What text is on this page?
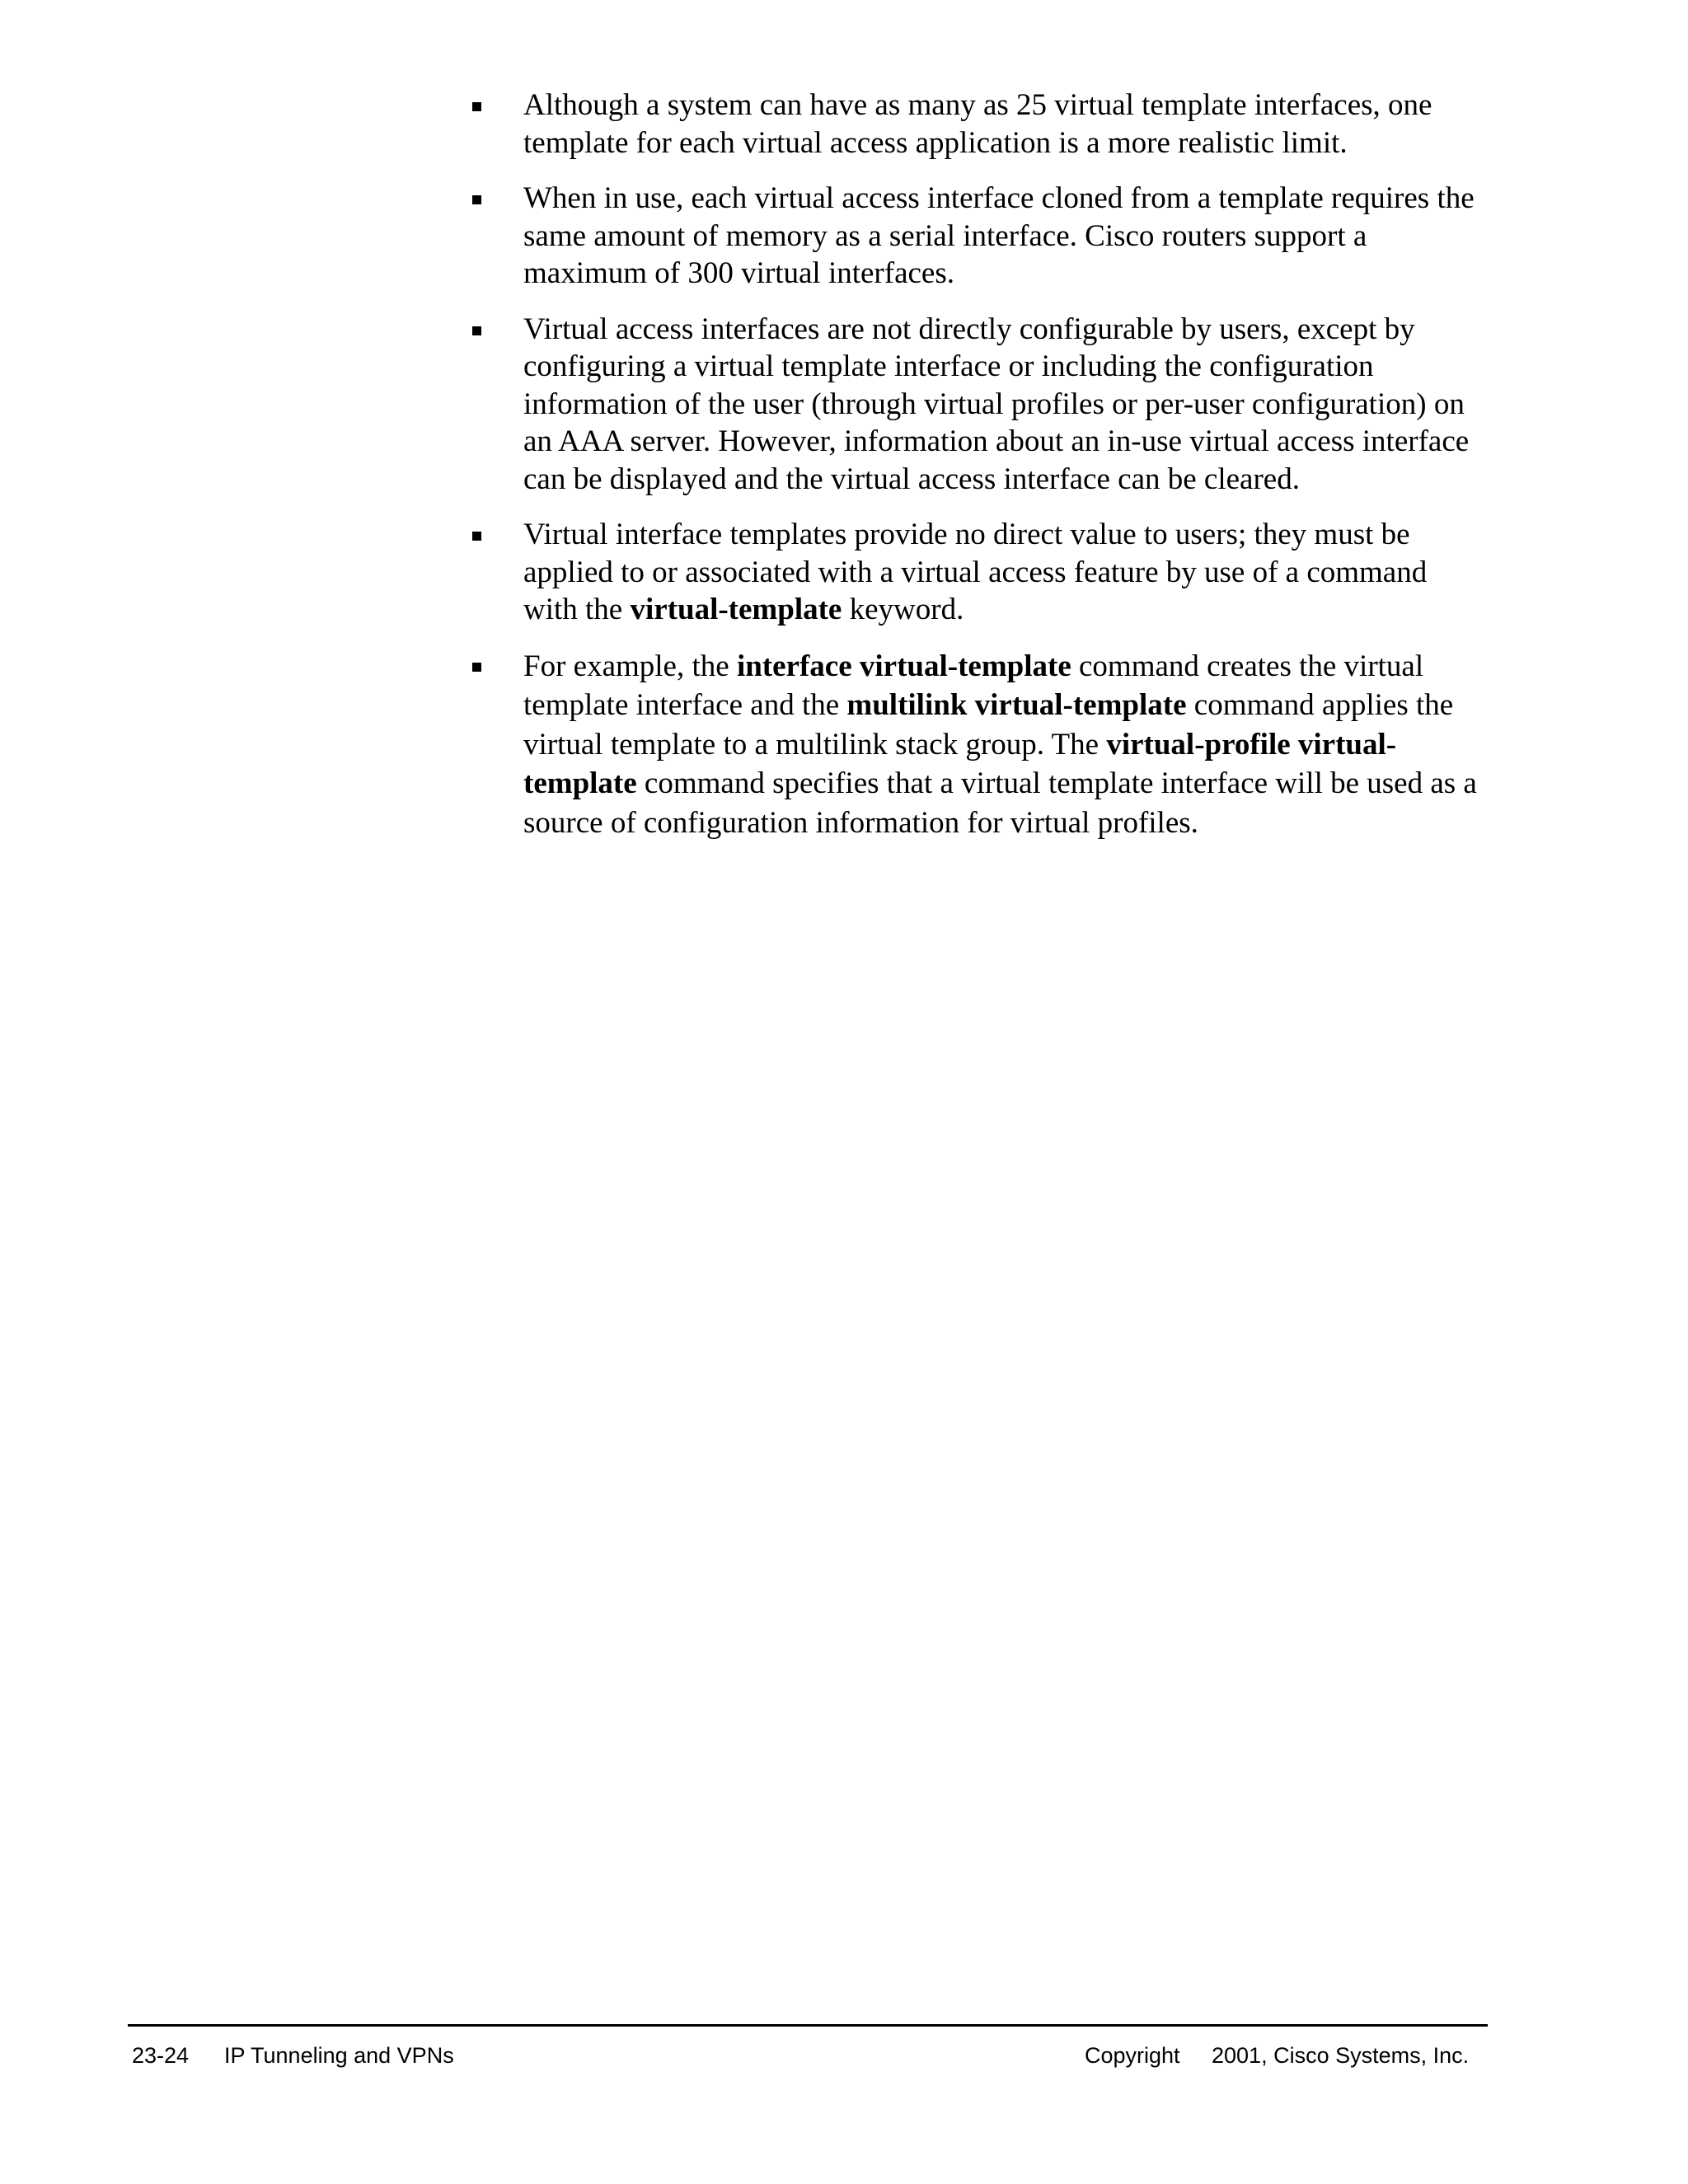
Although a system can have as many as 25 virtual template interfaces, one template for each virtual access application is a more realistic limit.
When in use, each virtual access interface cloned from a template requires the same amount of memory as a serial interface. Cisco routers support a maximum of 300 virtual interfaces.
Virtual access interfaces are not directly configurable by users, except by configuring a virtual template interface or including the configuration information of the user (through virtual profiles or per-user configuration) on an AAA server. However, information about an in-use virtual access interface can be displayed and the virtual access interface can be cleared.
Virtual interface templates provide no direct value to users; they must be applied to or associated with a virtual access feature by use of a command with the virtual-template keyword.
For example, the interface virtual-template command creates the virtual template interface and the multilink virtual-template command applies the virtual template to a multilink stack group. The virtual-profile virtual-template command specifies that a virtual template interface will be used as a source of configuration information for virtual profiles.
23-24 IP Tunneling and VPNs	Copyright 2001, Cisco Systems, Inc.
